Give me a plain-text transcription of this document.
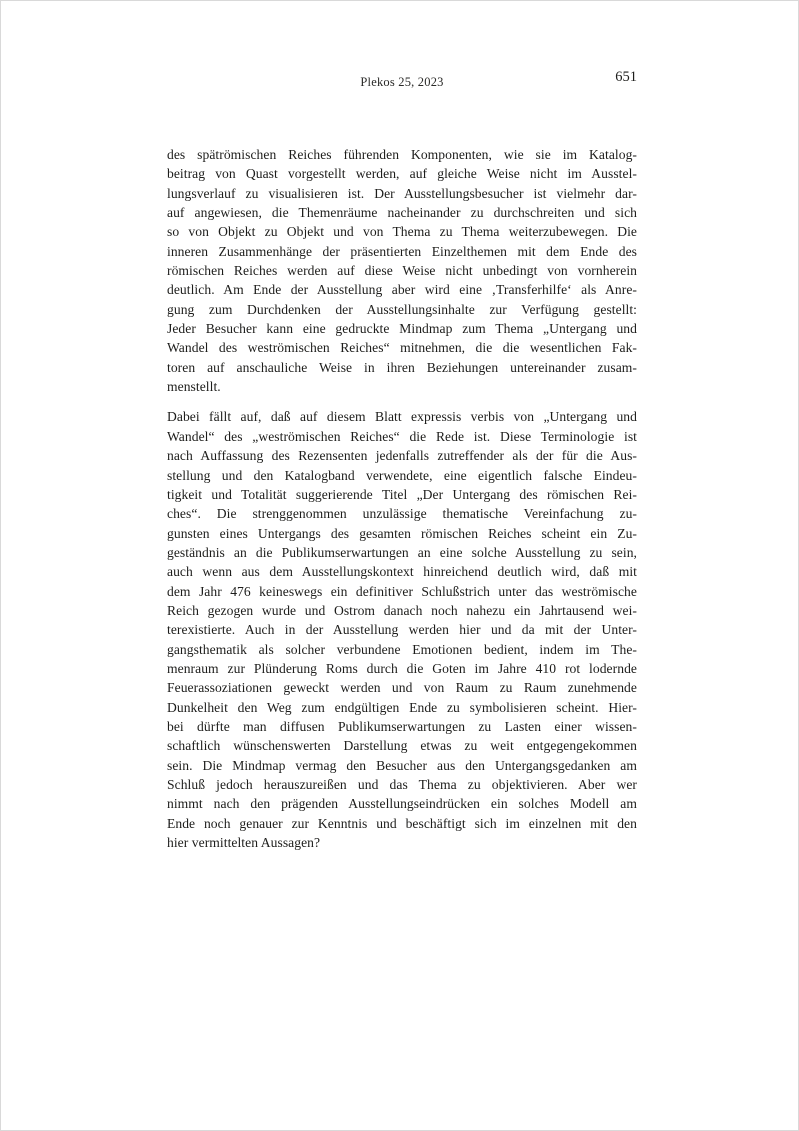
Plekos 25, 2023	651
des spätrömischen Reiches führenden Komponenten, wie sie im Katalog-
beitrag von Quast vorgestellt werden, auf gleiche Weise nicht im Ausstel-
lungsverlauf zu visualisieren ist. Der Ausstellungsbesucher ist vielmehr dar-
auf angewiesen, die Themenräume nacheinander zu durchschreiten und sich
so von Objekt zu Objekt und von Thema zu Thema weiterzubewegen. Die
inneren Zusammenhänge der präsentierten Einzelthemen mit dem Ende des
römischen Reiches werden auf diese Weise nicht unbedingt von vornherein
deutlich. Am Ende der Ausstellung aber wird eine ‚Transferhilfe‘ als Anre-
gung zum Durchdenken der Ausstellungsinhalte zur Verfügung gestellt:
Jeder Besucher kann eine gedruckte Mindmap zum Thema „Untergang und
Wandel des weströmischen Reiches“ mitnehmen, die die wesentlichen Fak-
toren auf anschauliche Weise in ihren Beziehungen untereinander zusam-
menstellt.
Dabei fällt auf, daß auf diesem Blatt expressis verbis von „Untergang und
Wandel“ des „weströmischen Reiches“ die Rede ist. Diese Terminologie ist
nach Auffassung des Rezensenten jedenfalls zutreffender als der für die Aus-
stellung und den Katalogband verwendete, eine eigentlich falsche Eindeu-
tigkeit und Totalität suggerierende Titel „Der Untergang des römischen Rei-
ches“. Die strenggenommen unzulässige thematische Vereinfachung zu-
gunsten eines Untergangs des gesamten römischen Reiches scheint ein Zu-
geständnis an die Publikumserwartungen an eine solche Ausstellung zu sein,
auch wenn aus dem Ausstellungskontext hinreichend deutlich wird, daß mit
dem Jahr 476 keineswegs ein definitiver Schlußstrich unter das weströmische
Reich gezogen wurde und Ostrom danach noch nahezu ein Jahrtausend wei-
terexistierte. Auch in der Ausstellung werden hier und da mit der Unter-
gangsthematik als solcher verbundene Emotionen bedient, indem im The-
menraum zur Plünderung Roms durch die Goten im Jahre 410 rot lodernde
Feuerassoziationen geweckt werden und von Raum zu Raum zunehmende
Dunkelheit den Weg zum endgültigen Ende zu symbolisieren scheint. Hier-
bei dürfte man diffusen Publikumserwartungen zu Lasten einer wissen-
schaftlich wünschenswerten Darstellung etwas zu weit entgegengekommen
sein. Die Mindmap vermag den Besucher aus den Untergangsgedanken am
Schluß jedoch herauszureißen und das Thema zu objektivieren. Aber wer
nimmt nach den prägenden Ausstellungseindrücken ein solches Modell am
Ende noch genauer zur Kenntnis und beschäftigt sich im einzelnen mit den
hier vermittelten Aussagen?
